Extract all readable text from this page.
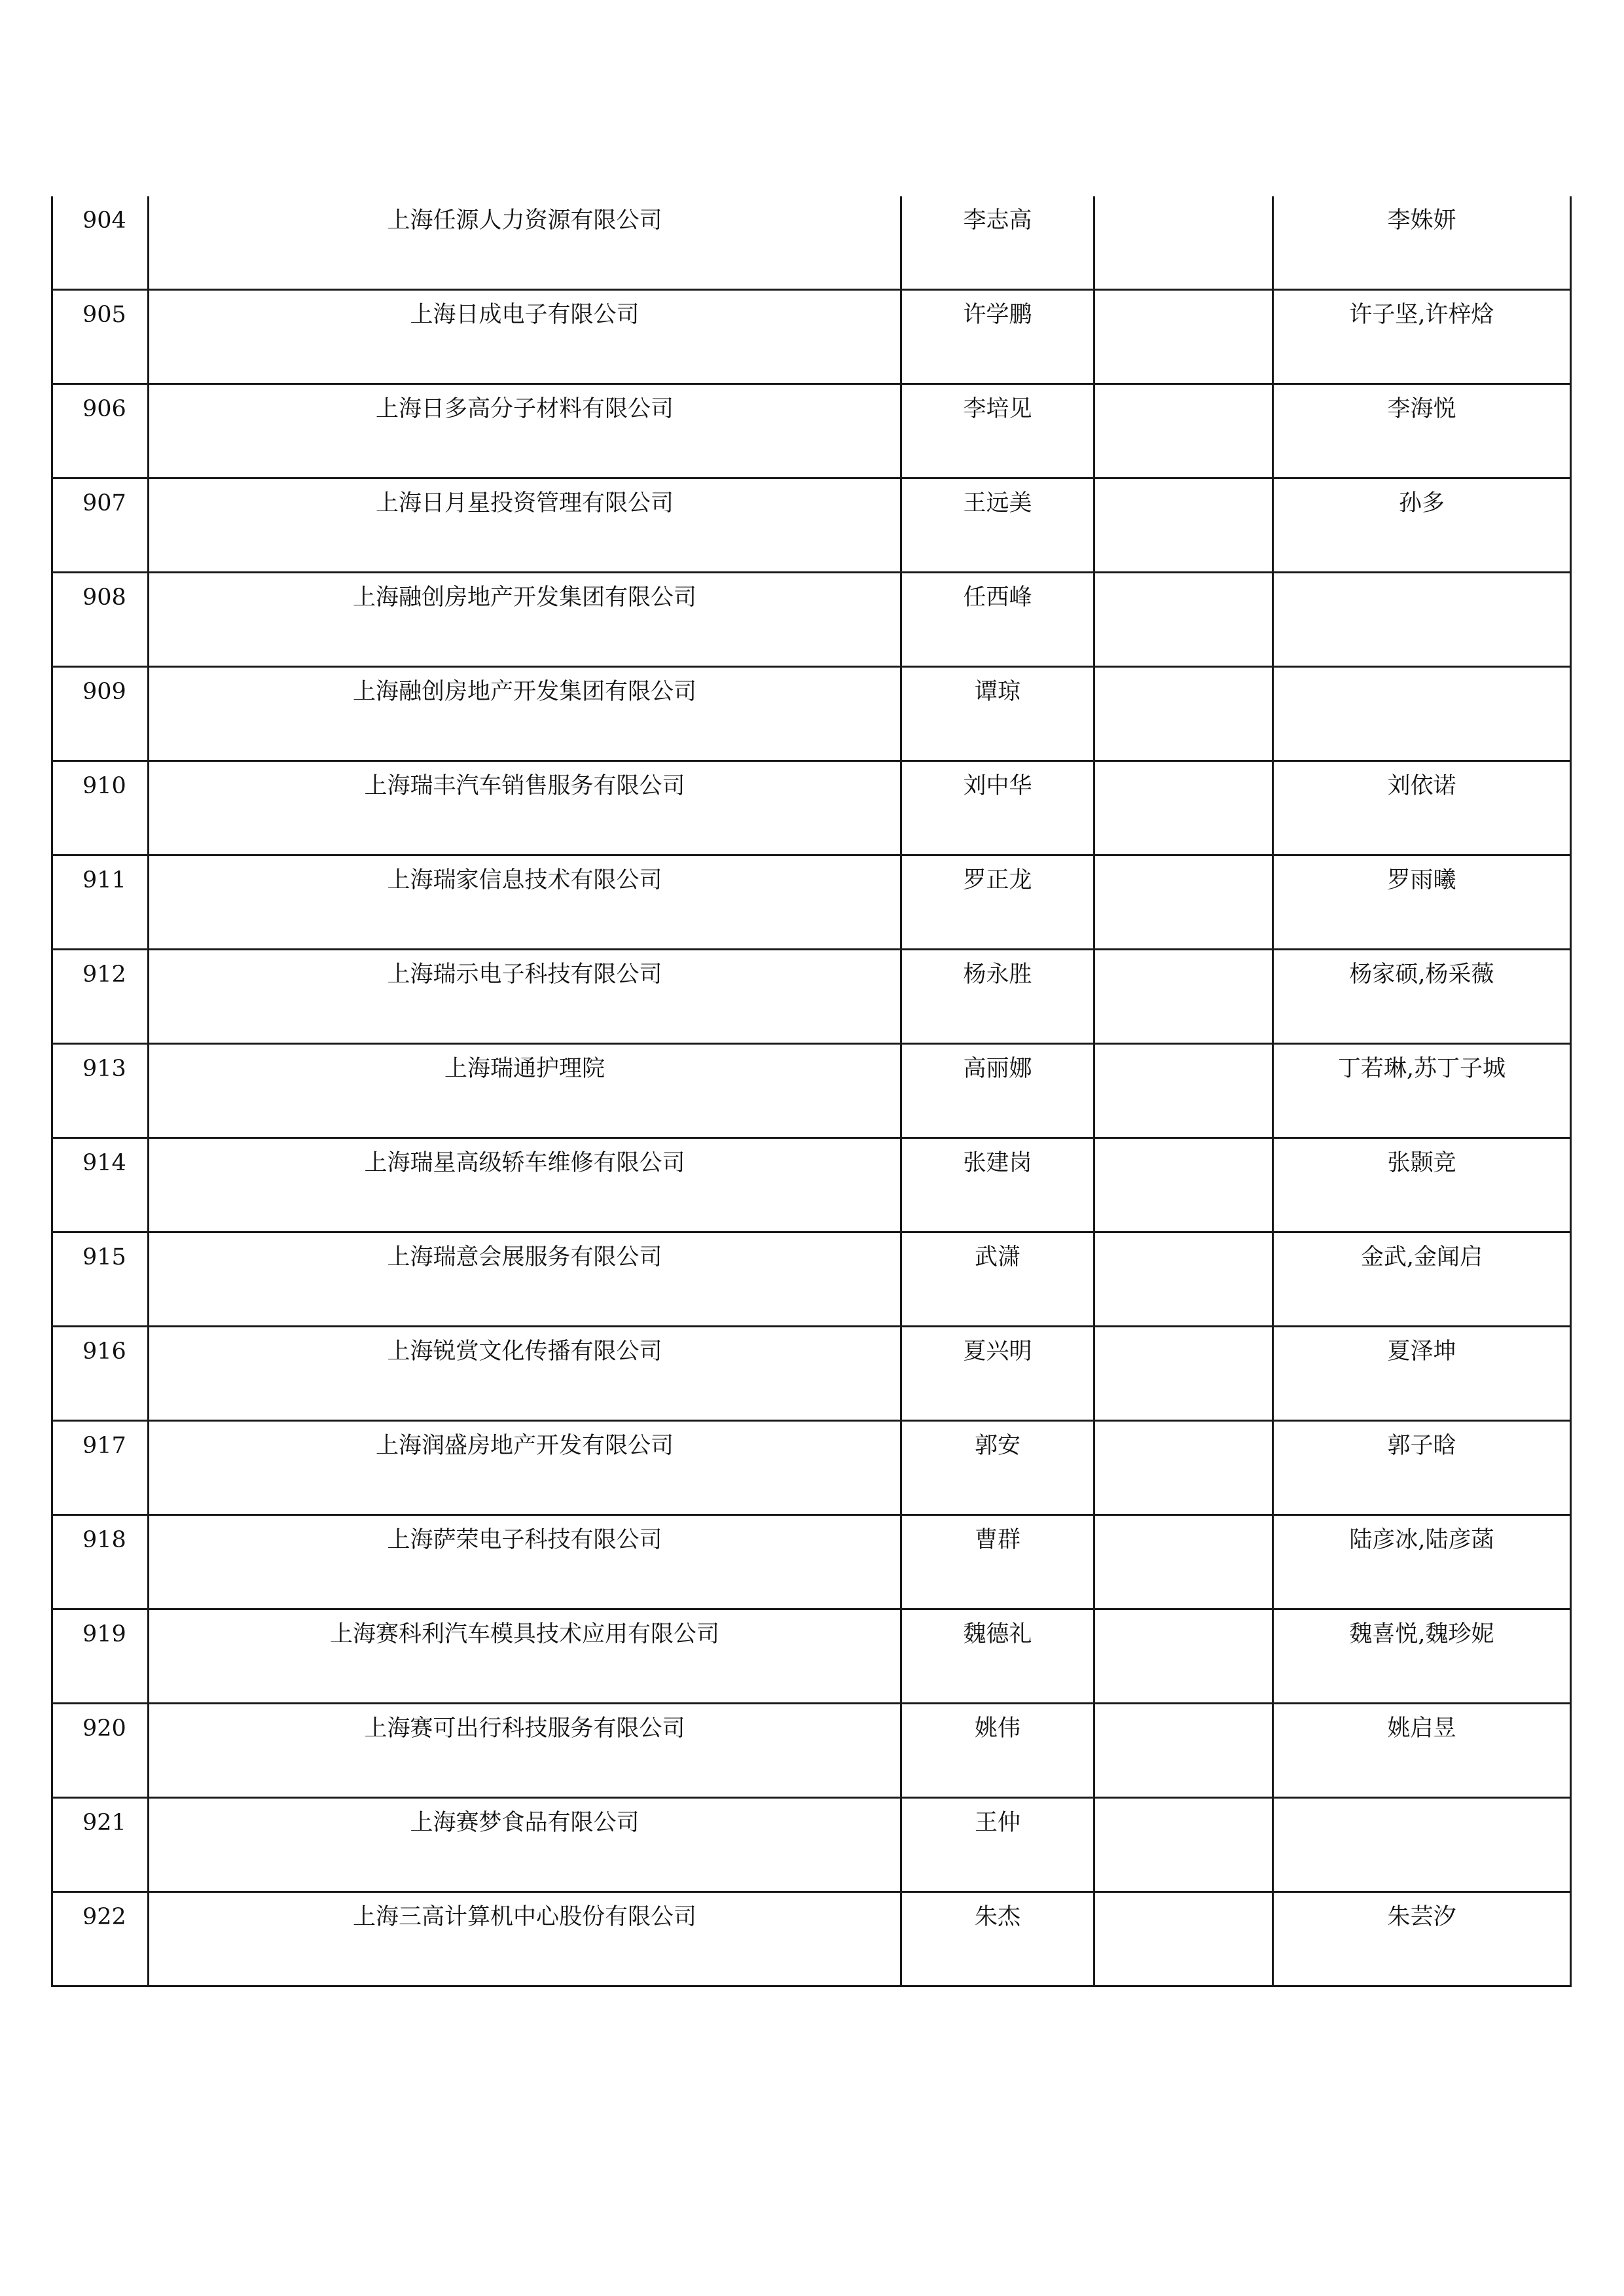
904	上海任源人力资源有限公司	李志高		李姝妍

905	上海日成电子有限公司	许学鹏		许子坚,许梓焓

906	上海日多高分子材料有限公司	李培见		李海悦

907	上海日月星投资管理有限公司	王远美		孙多

908	上海融创房地产开发集团有限公司	任西峰		

909	上海融创房地产开发集团有限公司	谭琼		

910	上海瑞丰汽车销售服务有限公司	刘中华		刘依诺

911	上海瑞家信息技术有限公司	罗正龙		罗雨曦

912	上海瑞示电子科技有限公司	杨永胜		杨家硕,杨采薇

913	上海瑞通护理院	高丽娜		丁若琳,苏丁子城

914	上海瑞星高级轿车维修有限公司	张建岗		张颢竞

915	上海瑞意会展服务有限公司	武潇		金武,金闻启

916	上海锐赏文化传播有限公司	夏兴明		夏泽坤

917	上海润盛房地产开发有限公司	郭安		郭子晗

918	上海萨荣电子科技有限公司	曹群		陆彦冰,陆彦菡

919	上海赛科利汽车模具技术应用有限公司	魏德礼		魏喜悦,魏珍妮

920	上海赛可出行科技服务有限公司	姚伟		姚启昱

921	上海赛梦食品有限公司	王仲		

922	上海三高计算机中心股份有限公司	朱杰		朱芸汐
